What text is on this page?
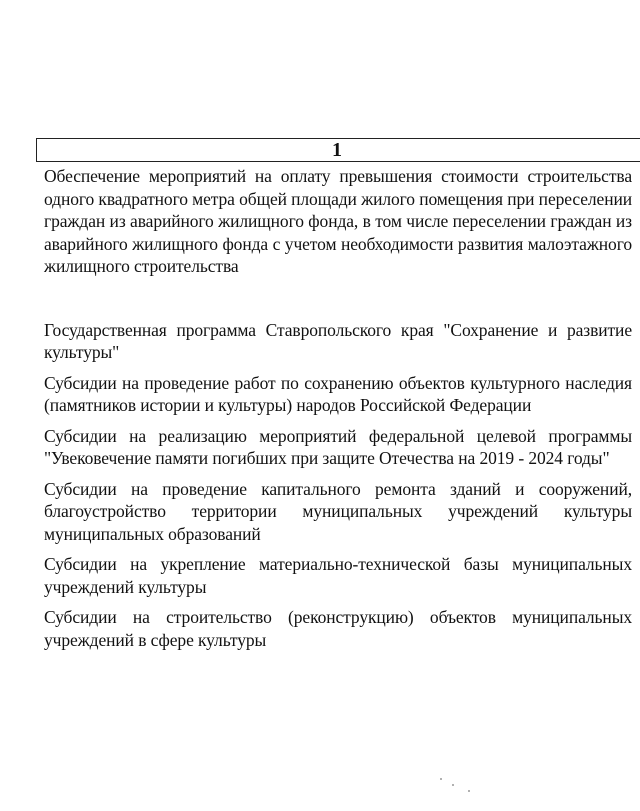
1

Обеспечение мероприятий на оплату превышения стоимости строительства одного квадратного метра общей площади жилого помещения при переселении граждан из аварийного жилищного фонда, в том числе переселении граждан из аварийного жилищного фонда с учетом необходимости развития малоэтажного жилищного строительства

Государственная программа Ставропольского края "Сохранение и развитие культуры"

Субсидии на проведение работ по сохранению объектов культурного наследия (памятников истории и культуры) народов Российской Федерации

Субсидии на реализацию мероприятий федеральной целевой программы "Увековечение памяти погибших при защите Отечества на 2019 - 2024 годы"

Субсидии на проведение капитального ремонта зданий и сооружений, благоустройство территории муниципальных учреждений культуры муниципальных образований

Субсидии на укрепление материально-технической базы муниципальных учреждений культуры

Субсидии на строительство (реконструкцию) объектов муниципальных учреждений в сфере культуры
